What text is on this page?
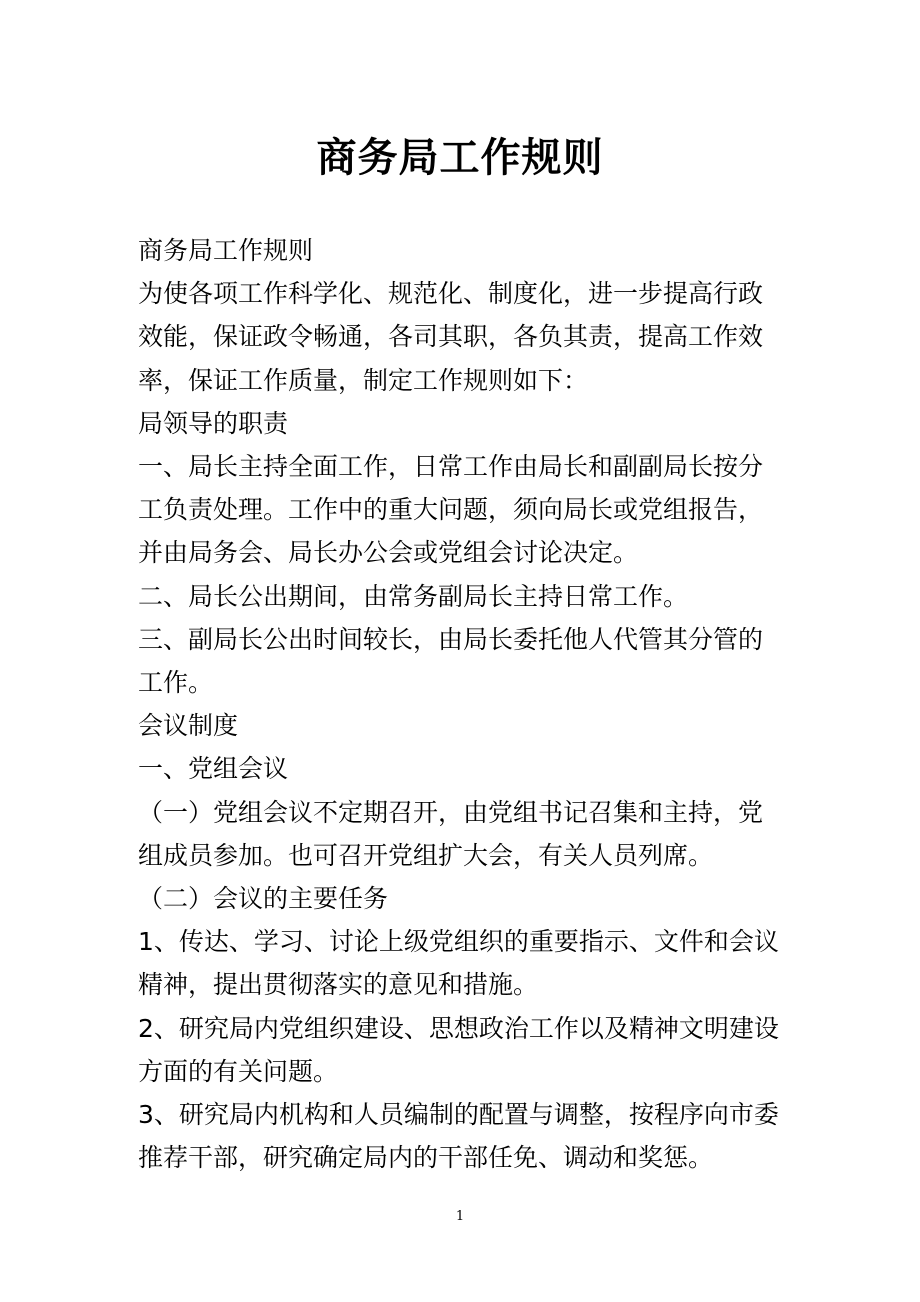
商务局工作规则

商务局工作规则

为使各项工作科学化、规范化、制度化，进一步提高行政效能，保证政令畅通，各司其职，各负其责，提高工作效率，保证工作质量，制定工作规则如下：

局领导的职责

一、局长主持全面工作，日常工作由局长和副副局长按分工负责处理。工作中的重大问题，须向局长或党组报告，并由局务会、局长办公会或党组会讨论决定。

二、局长公出期间，由常务副局长主持日常工作。

三、副局长公出时间较长，由局长委托他人代管其分管的工作。

会议制度

一、党组会议

（一）党组会议不定期召开，由党组书记召集和主持，党组成员参加。也可召开党组扩大会，有关人员列席。

（二）会议的主要任务

1、传达、学习、讨论上级党组织的重要指示、文件和会议精神，提出贯彻落实的意见和措施。

2、研究局内党组织建设、思想政治工作以及精神文明建设方面的有关问题。

3、研究局内机构和人员编制的配置与调整，按程序向市委推荐干部，研究确定局内的干部任免、调动和奖惩。

1
